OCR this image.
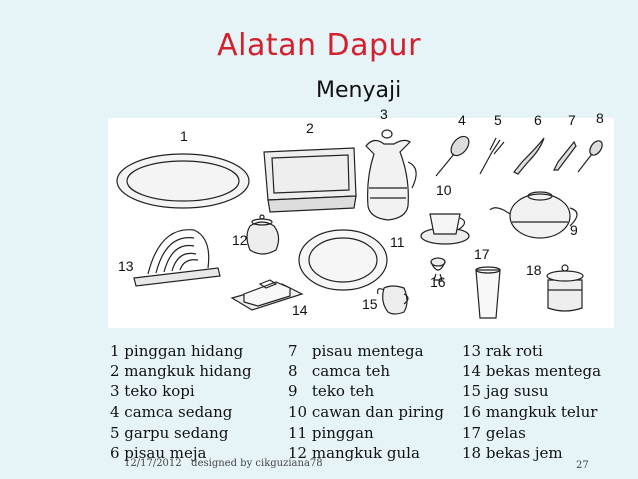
Alatan Dapur
Menyaji
1	2
3	4 5 6 7 8
9
10
11
12
13
14	15
16
17
18
1 pinggan hidang
2 mangkuk hidang
3 teko kopi
4 camca sedang
5 garpu sedang
6 pisau meja
7   pisau mentega
8   camca teh
9   teko teh
10 cawan dan piring
11 pinggan
12 mangkuk gula
13 rak roti
14 bekas mentega
15 jag susu
16 mangkuk telur
17 gelas
18 bekas jem
12/17/2012   designed by cikguziana78	27
